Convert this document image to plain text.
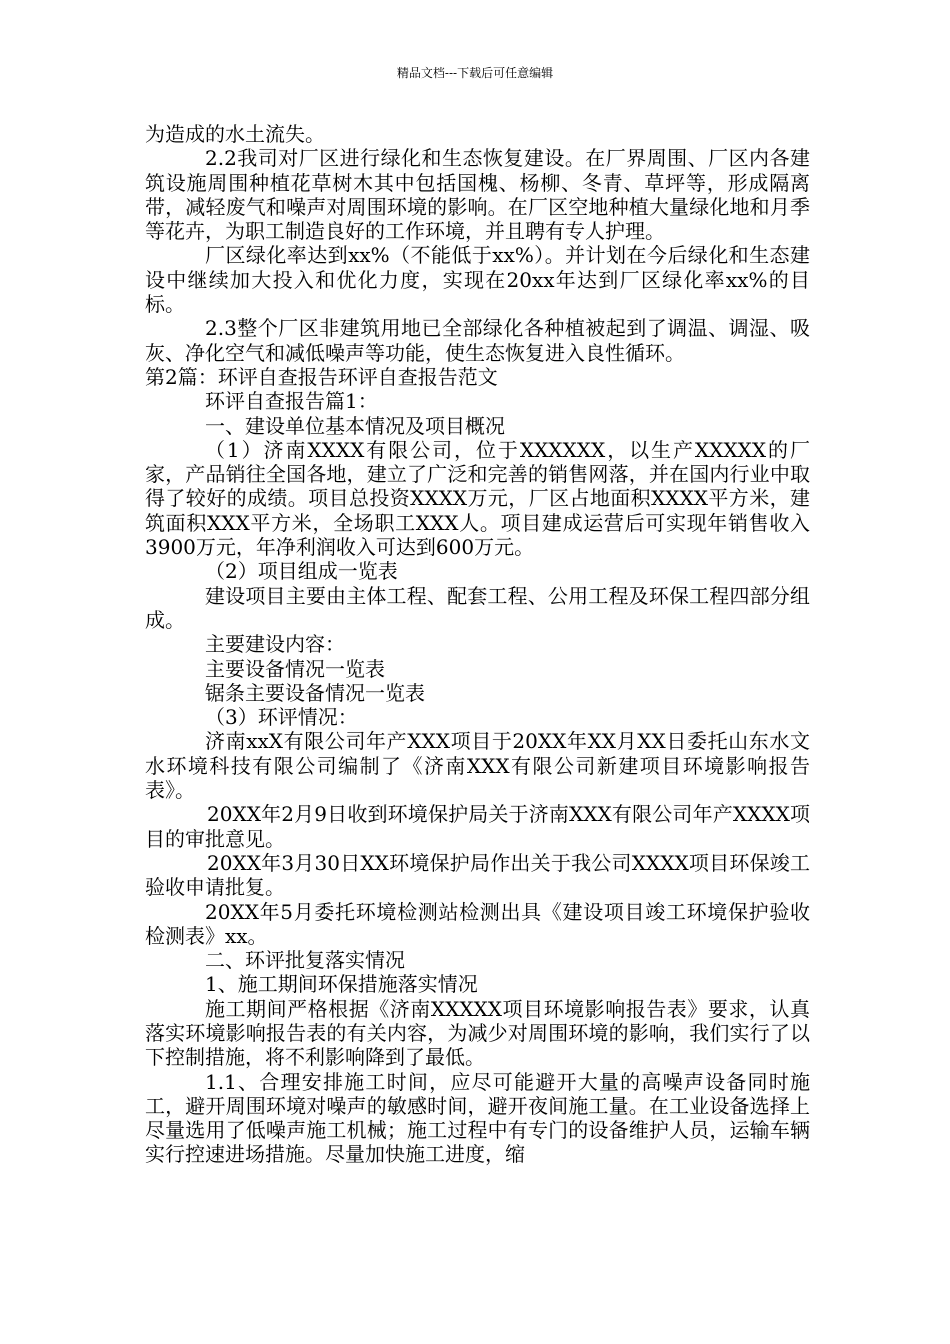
精品文档---下载后可任意编辑

为造成的水土流失。

2.2我司对厂区进行绿化和生态恢复建设。在厂界周围、厂区内各建筑设施周围种植花草树木其中包括国槐、杨柳、冬青、草坪等，形成隔离带，减轻废气和噪声对周围环境的影响。在厂区空地种植大量绿化地和月季等花卉，为职工制造良好的工作环境，并且聘有专人护理。

厂区绿化率达到xx%（不能低于xx%）。并计划在今后绿化和生态建设中继续加大投入和优化力度，实现在20xx年达到厂区绿化率xx%的目标。

2.3整个厂区非建筑用地已全部绿化各种植被起到了调温、调湿、吸灰、净化空气和减低噪声等功能，使生态恢复进入良性循环。

第2篇：环评自查报告环评自查报告范文

环评自查报告篇1：

一、建设单位基本情况及项目概况

（1）济南XXXX有限公司，位于XXXXXX，以生产XXXXX的厂家，产品销往全国各地，建立了广泛和完善的销售网落，并在国内行业中取得了较好的成绩。项目总投资XXXX万元，厂区占地面积XXXX平方米，建筑面积XXX平方米，全场职工XXX人。项目建成运营后可实现年销售收入3900万元，年净利润收入可达到600万元。

（2）项目组成一览表

建设项目主要由主体工程、配套工程、公用工程及环保工程四部分组成。

主要建设内容：

主要设备情况一览表

锯条主要设备情况一览表

（3）环评情况：

济南xxX有限公司年产XXX项目于20XX年XX月XX日委托山东水文水环境科技有限公司编制了《济南XXX有限公司新建项目环境影响报告表》。

20XX年2月9日收到环境保护局关于济南XXX有限公司年产XXXX项目的审批意见。

20XX年3月30日XX环境保护局作出关于我公司XXXX项目环保竣工验收申请批复。

20XX年5月委托环境检测站检测出具《建设项目竣工环境保护验收检测表》xx。

二、环评批复落实情况

1、施工期间环保措施落实情况

施工期间严格根据《济南XXXXX项目环境影响报告表》要求，认真落实环境影响报告表的有关内容，为减少对周围环境的影响，我们实行了以下控制措施，将不利影响降到了最低。

1.1、合理安排施工时间，应尽可能避开大量的高噪声设备同时施工，避开周围环境对噪声的敏感时间，避开夜间施工量。在工业设备选择上尽量选用了低噪声施工机械；施工过程中有专门的设备维护人员，运输车辆实行控速进场措施。尽量加快施工进度，缩
